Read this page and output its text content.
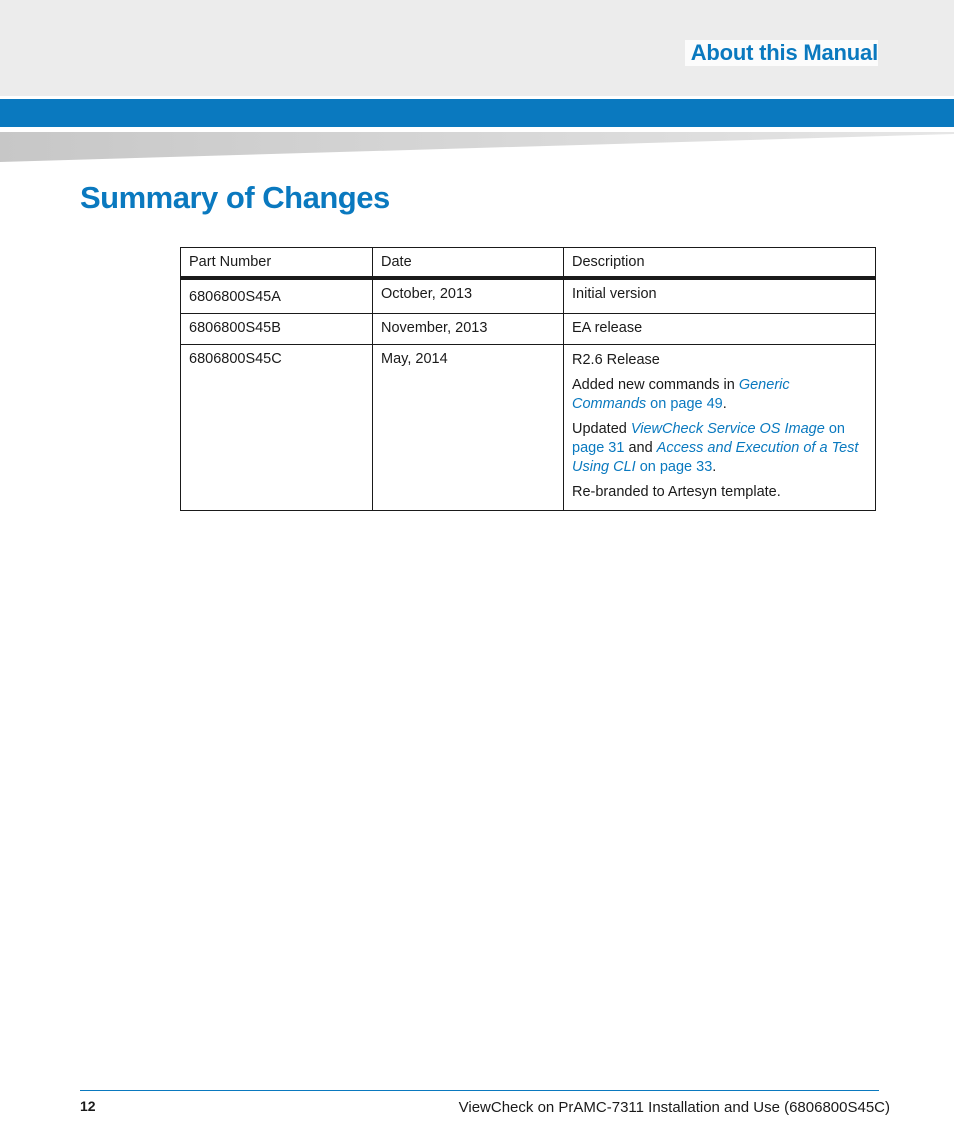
About this Manual
Summary of Changes
Part Number	Date	Description
6806800S45A	October, 2013	Initial version
6806800S45B	November, 2013	EA release
6806800S45C	May, 2014	R2.6 Release

Added new commands in Generic Commands on page 49.

Updated ViewCheck Service OS Image on page 31 and Access and Execution of a Test Using CLI on page 33.

Re-branded to Artesyn template.

12	ViewCheck on PrAMC-7311 Installation and Use (6806800S45C)
